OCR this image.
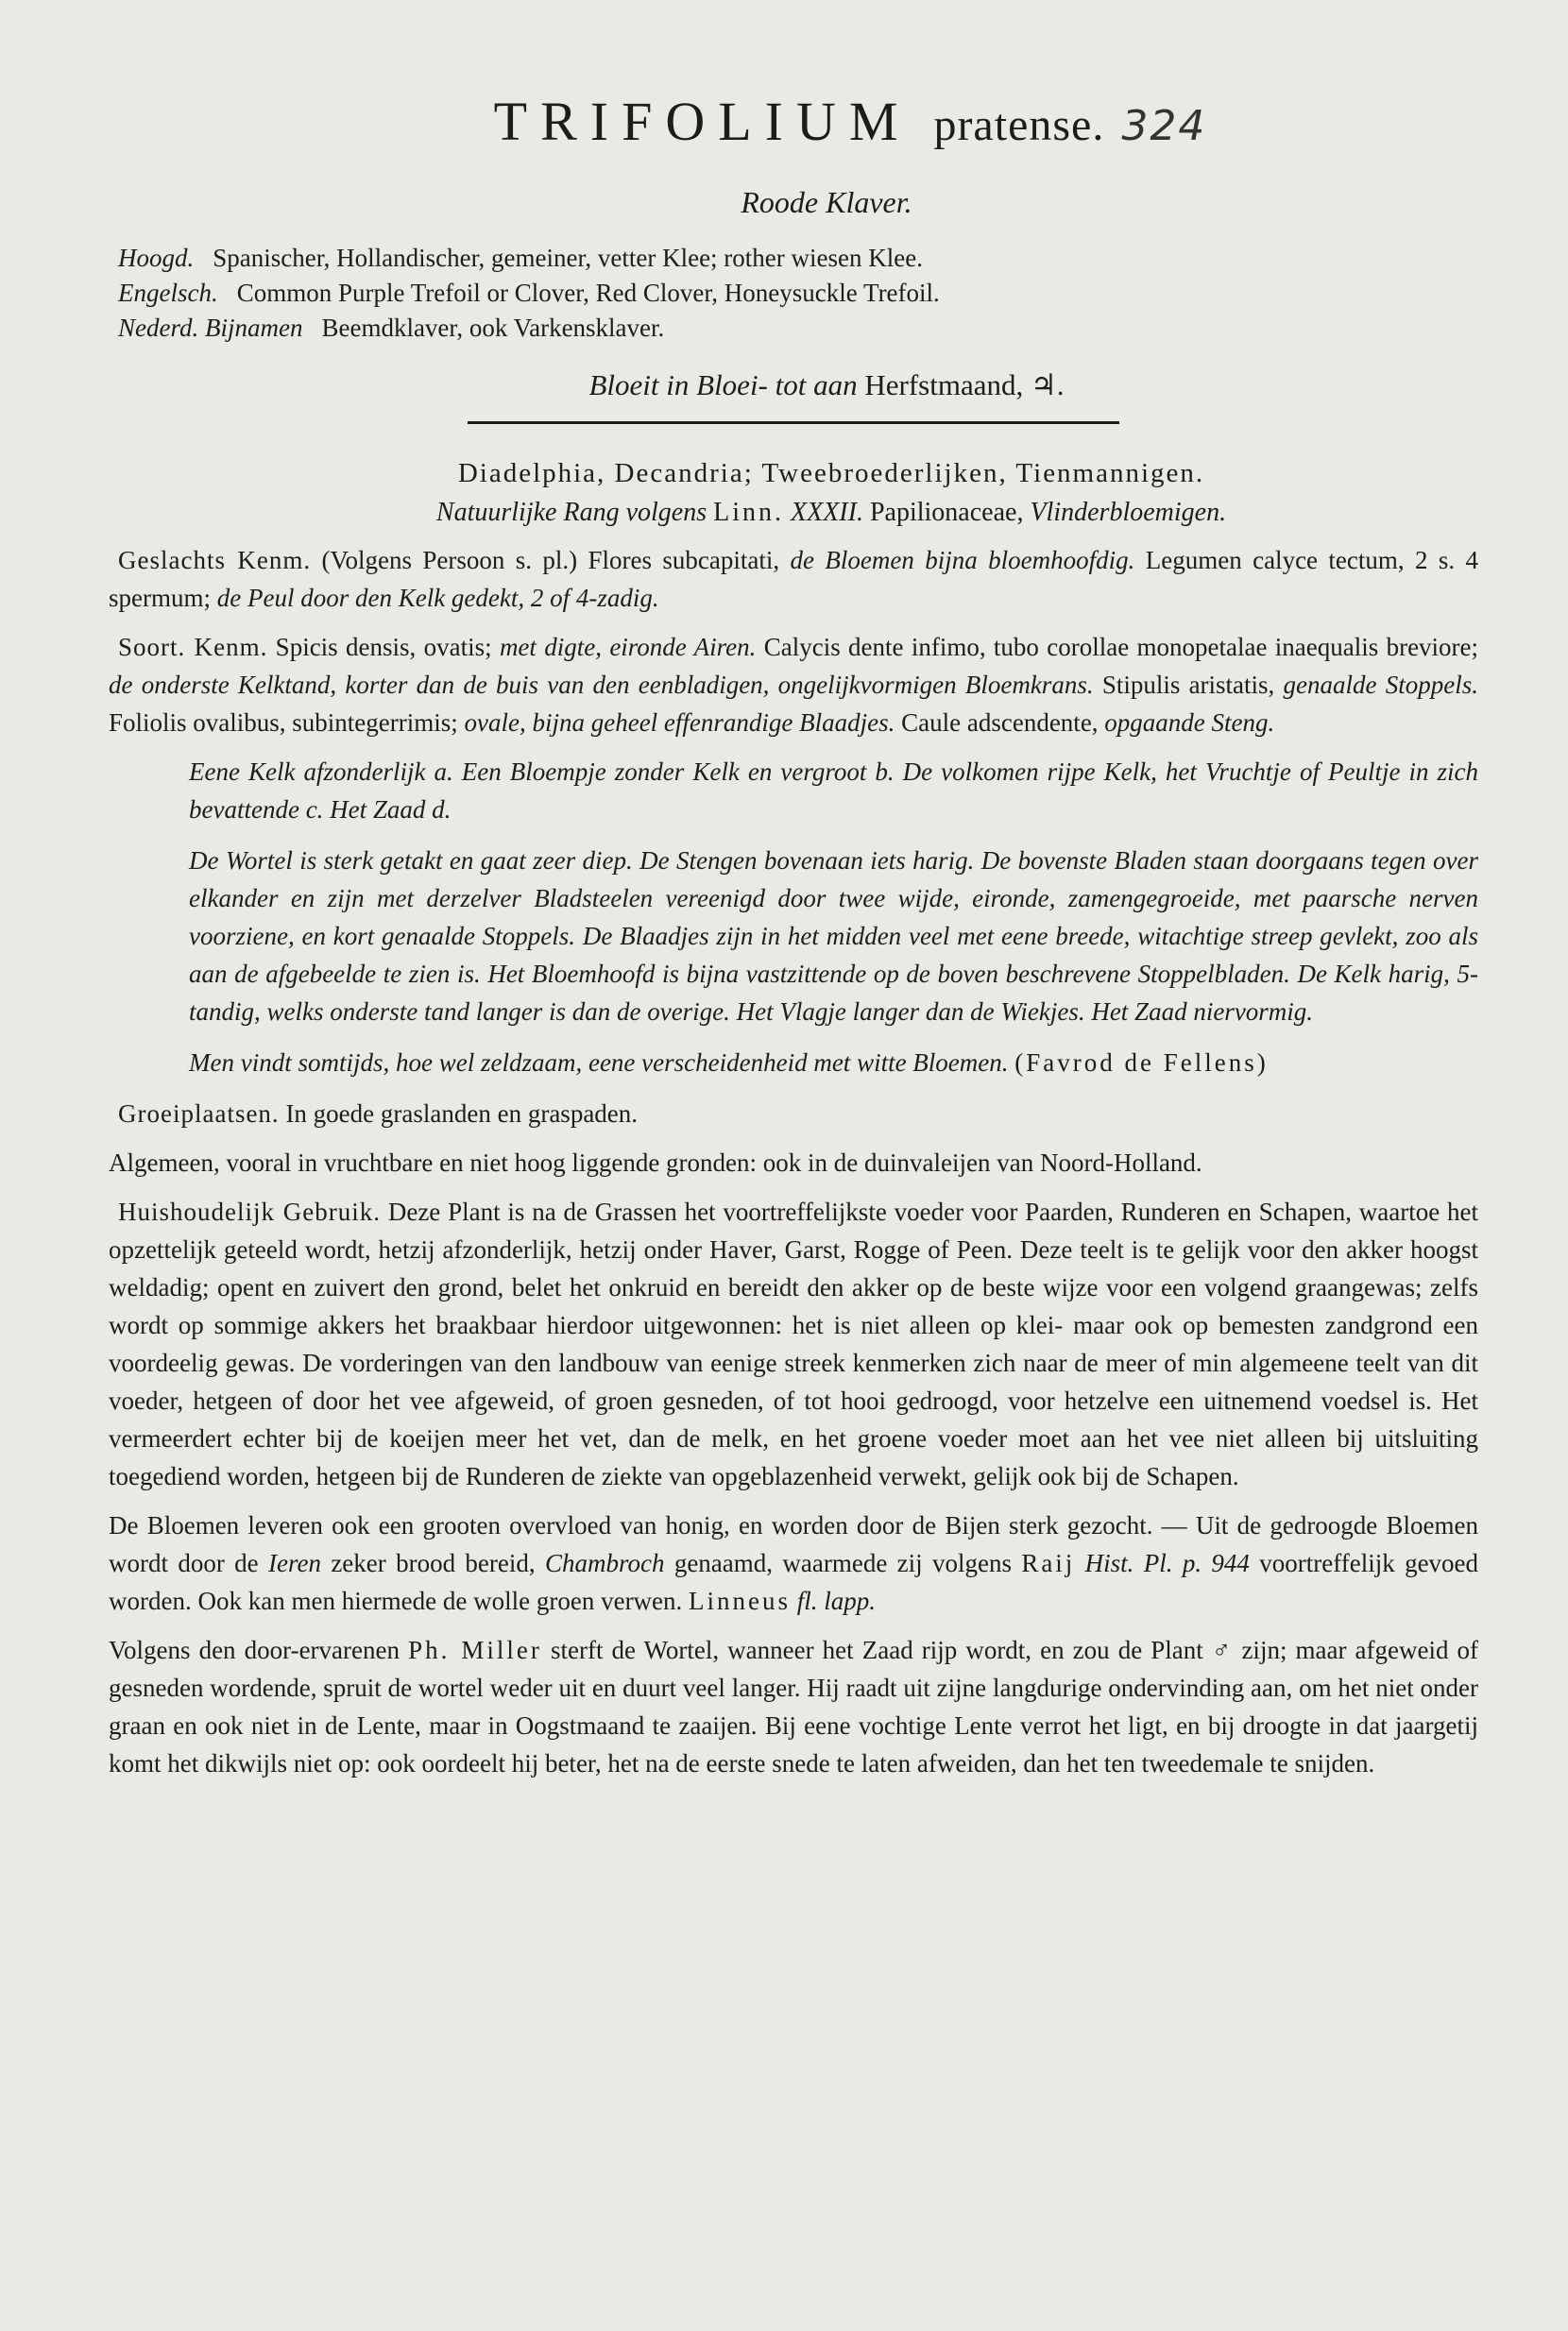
TRIFOLIUM pratense. 324
Roode Klaver.
Hoogd. Spanischer, Hollandischer, gemeiner, vetter Klee; rother wiesen Klee.
Engelsch. Common Purple Trefoil or Clover, Red Clover, Honeysuckle Trefoil.
Nederd. Bijnamen Beemdklaver, ook Varkensklaver.
Bloeit in Bloei- tot aan Herfstmaand, ♃.
Diadelphia, Decandria; Tweebroederlijken, Tienmannigen.
Natuurlijke Rang volgens Linn. XXXII. Papilionaceae, Vlinderbloemigen.

Geslachts Kenm. (Volgens Persoon s. pl.) Flores subcapitati, de Bloemen bijna bloemhoofdig. Legumen calyce tectum, 2 s. 4 spermum; de Peul door den Kelk gedekt, 2 of 4-zadig.

Soort. Kenm. Spicis densis, ovatis; met digte, eironde Airen. Calycis dente infimo, tubo corollae monopetalae inaequalis breviore; de onderste Kelktand, korter dan de buis van den eenbladigen, ongelijkvormigen Bloemkrans. Stipulis aristatis, genaalde Stoppels. Foliolis ovalibus, subintegerrimis; ovale, bijna geheel effenrandige Blaadjes. Caule adscendente, opgaande Steng.

Eene Kelk afzonderlijk a. Een Bloempje zonder Kelk en vergroot b. De volkomen rijpe Kelk, het Vruchtje of Peultje in zich bevattende c. Het Zaad d.

De Wortel is sterk getakt en gaat zeer diep. De Stengen bovenaan iets harig. De bovenste Bladen staan doorgaans tegen over elkander en zijn met derzelver Bladsteelen vereenigd door twee wijde, eironde, zamengegroeide, met paarsche nerven voorziene, en kort genaalde Stoppels. De Blaadjes zijn in het midden veel met eene breede, witachtige streep gevlekt, zoo als aan de afgebeelde te zien is. Het Bloemhoofd is bijna vastzittende op de boven beschrevene Stoppelbladen. De Kelk harig, 5-tandig, welks onderste tand langer is dan de overige. Het Vlagje langer dan de Wiekjes. Het Zaad niervormig.

Men vindt somtijds, hoe wel zeldzaam, eene verscheidenheid met witte Bloemen. (Favrod de Fellens)

Groeiplaatsen. In goede graslanden en graspaden.

Algemeen, vooral in vruchtbare en niet hoog liggende gronden: ook in de duinvaleijen van Noord-Holland.

Huishoudelijk Gebruik. Deze Plant is na de Grassen het voortreffelijkste voeder voor Paarden, Runderen en Schapen, waartoe het opzettelijk geteeld wordt, hetzij afzonderlijk, hetzij onder Haver, Garst, Rogge of Peen. Deze teelt is te gelijk voor den akker hoogst weldadig; opent en zuivert den grond, belet het onkruid en bereidt den akker op de beste wijze voor een volgend graangewas; zelfs wordt op sommige akkers het braakbaar hierdoor uitgewonnen: het is niet alleen op klei- maar ook op bemesten zandgrond een voordeelig gewas. De vorderingen van den landbouw van eenige streek kenmerken zich naar de meer of min algemeene teelt van dit voeder, hetgeen of door het vee afgeweid, of groen gesneden, of tot hooi gedroogd, voor hetzelve een uitnemend voedsel is. Het vermeerdert echter bij de koeijen meer het vet, dan de melk, en het groene voeder moet aan het vee niet alleen bij uitsluiting toegediend worden, hetgeen bij de Runderen de ziekte van opgeblazenheid verwekt, gelijk ook bij de Schapen.

De Bloemen leveren ook een grooten overvloed van honig, en worden door de Bijen sterk gezocht. — Uit de gedroogde Bloemen wordt door de Ieren zeker brood bereid, Chambroch genaamd, waarmede zij volgens Raij Hist. Pl. p. 944 voortreffelijk gevoed worden. Ook kan men hiermede de wolle groen verwen. Linneus fl. lapp.

Volgens den door-ervarenen Ph. Miller sterft de Wortel, wanneer het Zaad rijp wordt, en zou de Plant ♂ zijn; maar afgeweid of gesneden wordende, spruit de wortel weder uit en duurt veel langer. Hij raadt uit zijne langdurige ondervinding aan, om het niet onder graan en ook niet in de Lente, maar in Oogstmaand te zaaijen. Bij eene vochtige Lente verrot het ligt, en bij droogte in dat jaargetij komt het dikwijls niet op: ook oordeelt hij beter, het na de eerste snede te laten afweiden, dan het ten tweedemale te snijden.
